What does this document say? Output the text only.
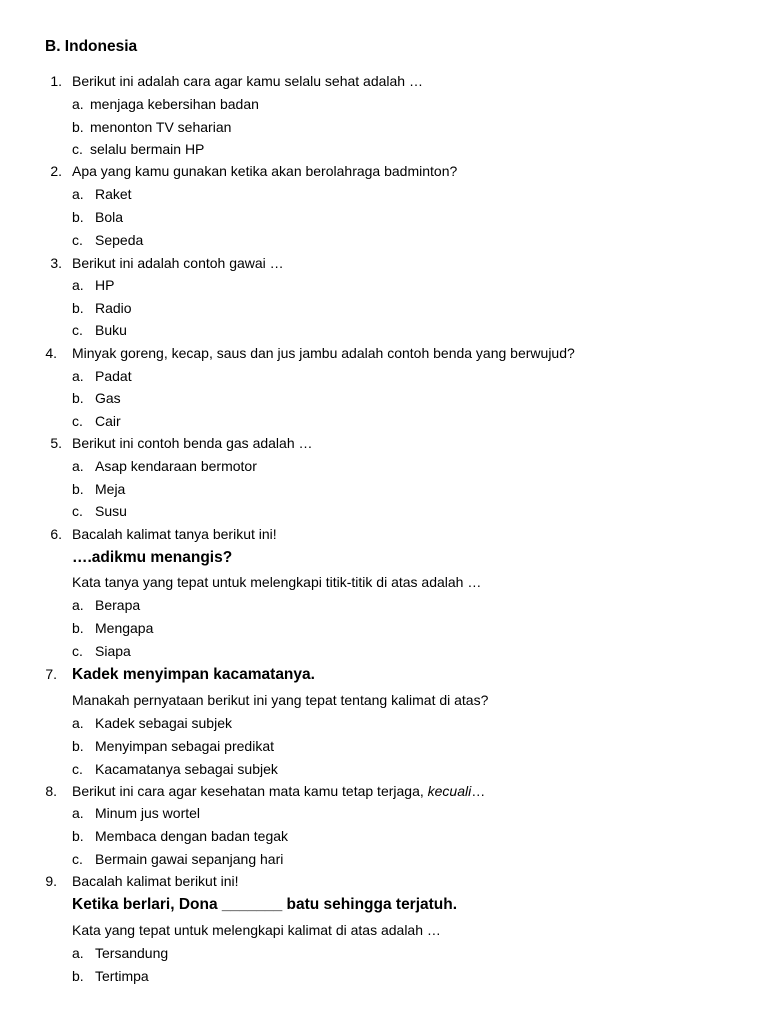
B. Indonesia
1. Berikut ini adalah cara agar kamu selalu sehat adalah …
a. menjaga kebersihan badan
b. menonton TV seharian
c. selalu bermain HP
2. Apa yang kamu gunakan ketika akan berolahraga badminton?
a. Raket
b. Bola
c. Sepeda
3. Berikut ini adalah contoh gawai …
a. HP
b. Radio
c. Buku
4. Minyak goreng, kecap, saus dan jus jambu adalah contoh benda yang berwujud?
a. Padat
b. Gas
c. Cair
5. Berikut ini contoh benda gas adalah …
a. Asap kendaraan bermotor
b. Meja
c. Susu
6. Bacalah kalimat tanya berikut ini!
….adikmu menangis?
Kata tanya yang tepat untuk melengkapi titik-titik di atas adalah …
a. Berapa
b. Mengapa
c. Siapa
7. Kadek menyimpan kacamatanya.
Manakah pernyataan berikut ini yang tepat tentang kalimat di atas?
a. Kadek sebagai subjek
b. Menyimpan sebagai predikat
c. Kacamatanya sebagai subjek
8. Berikut ini cara agar kesehatan mata kamu tetap terjaga, kecuali…
a. Minum jus wortel
b. Membaca dengan badan tegak
c. Bermain gawai sepanjang hari
9. Bacalah kalimat berikut ini!
Ketika berlari, Dona _______ batu sehingga terjatuh.
Kata yang tepat untuk melengkapi kalimat di atas adalah …
a. Tersandung
b. Tertimpa
